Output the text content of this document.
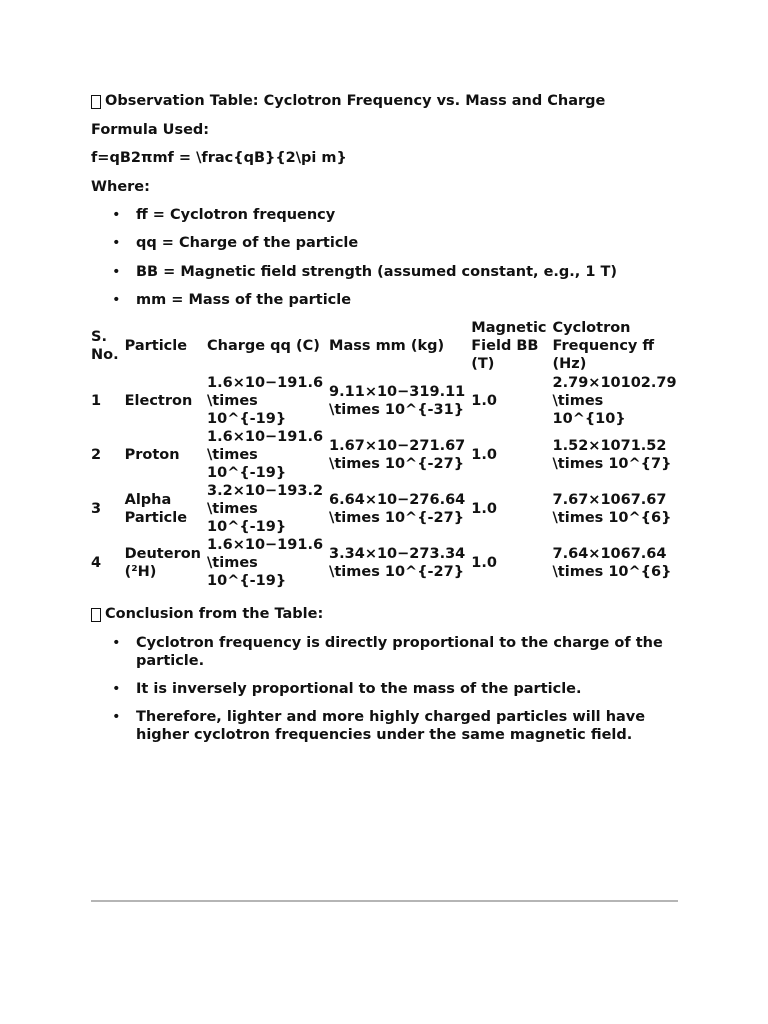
Observation Table: Cyclotron Frequency vs. Mass and Charge
Formula Used:
f=qB2πmf = \frac{qB}{2\pi m}
Where:
• ff = Cyclotron frequency
• qq = Charge of the particle
• BB = Magnetic field strength (assumed constant, e.g., 1 T)
• mm = Mass of the particle
S. No.	Particle	Charge qq (C)	Mass mm (kg)	Magnetic Field BB (T)	Cyclotron Frequency ff (Hz)
1	Electron	1.6×10−191.6 \times 10^{-19}	9.11×10−319.11 \times 10^{-31}	1.0	2.79×10102.79 \times 10^{10}
2	Proton	1.6×10−191.6 \times 10^{-19}	1.67×10−271.67 \times 10^{-27}	1.0	1.52×1071.52 \times 10^{7}
3	Alpha Particle	3.2×10−193.2 \times 10^{-19}	6.64×10−276.64 \times 10^{-27}	1.0	7.67×1067.67 \times 10^{6}
4	Deuteron (²H)	1.6×10−191.6 \times 10^{-19}	3.34×10−273.34 \times 10^{-27}	1.0	7.64×1067.64 \times 10^{6}
Conclusion from the Table:
• Cyclotron frequency is directly proportional to the charge of the particle.
• It is inversely proportional to the mass of the particle.
• Therefore, lighter and more highly charged particles will have higher cyclotron frequencies under the same magnetic field.
